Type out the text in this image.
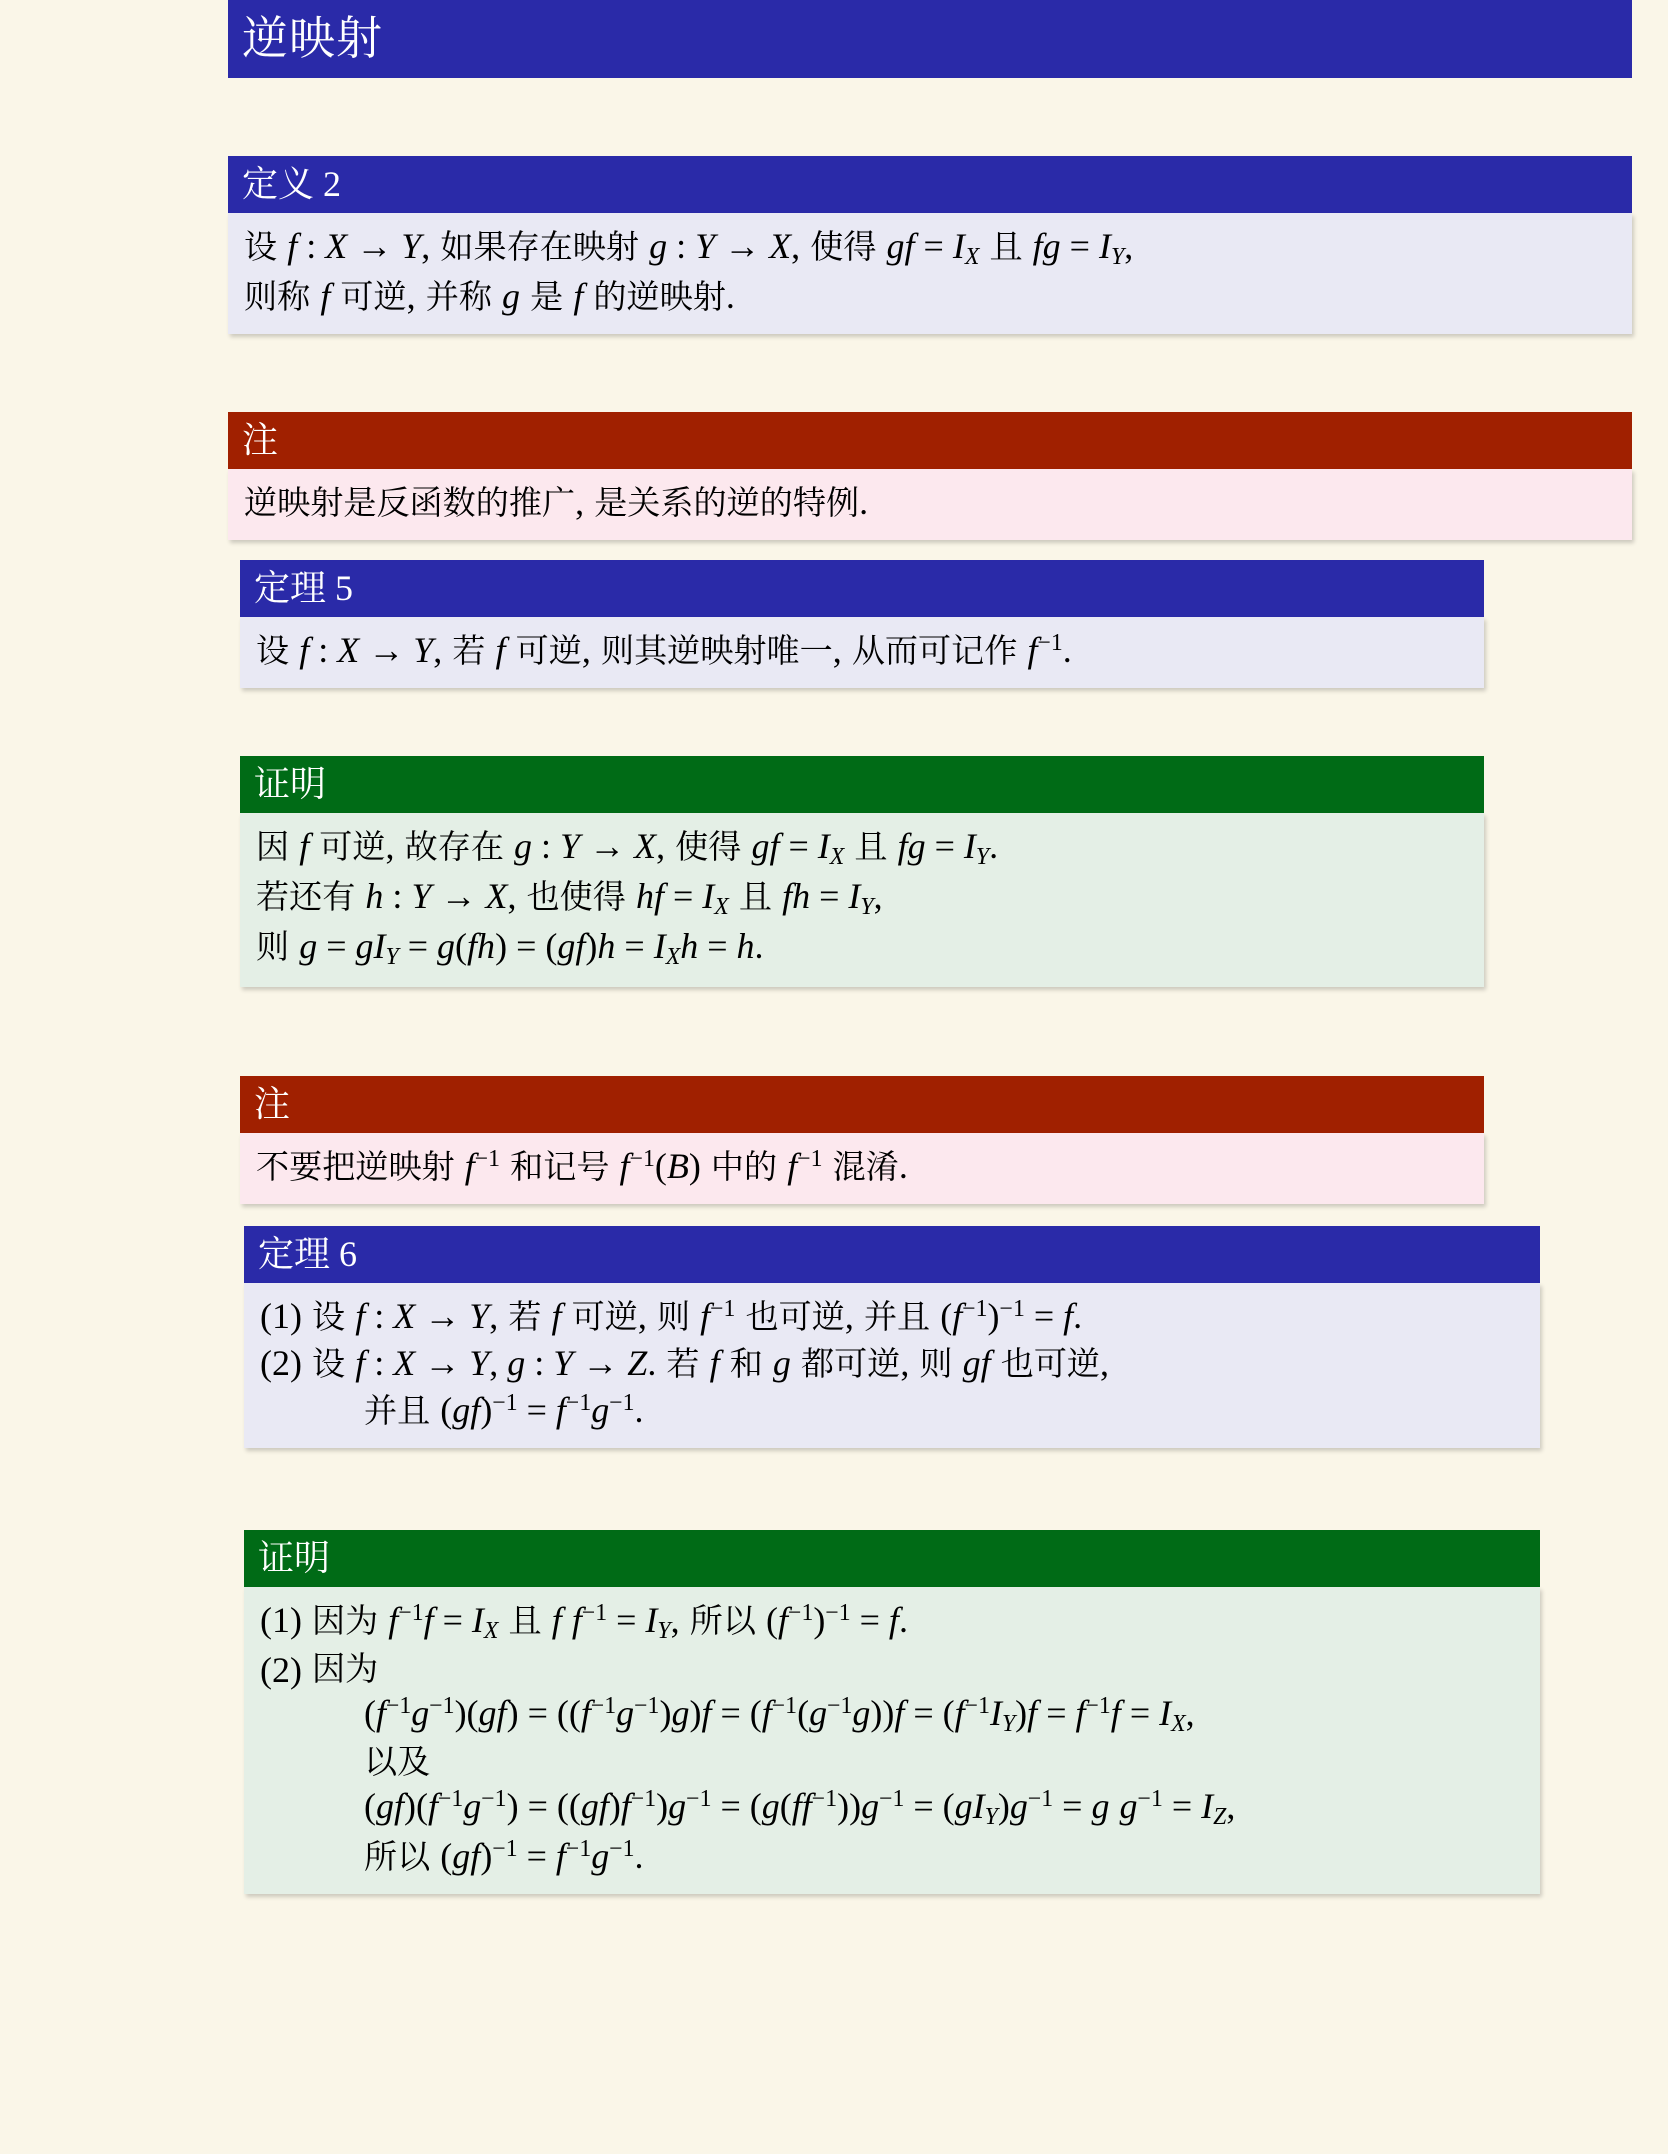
逆映射
定义 2
设 f : X → Y, 如果存在映射 g : Y → X, 使得 gf = $I_X$ 且 fg = $I_Y$,
则称 f 可逆, 并称 g 是 f 的逆映射.
注
逆映射是反函数的推广, 是关系的逆的特例.
定理 5
设 f : X → Y, 若 f 可逆, 则其逆映射唯一, 从而可记作 $f^{-1}$.
证明
因 f 可逆, 故存在 g : Y → X, 使得 gf = $I_X$ 且 fg = $I_Y$.
若还有 h : Y → X, 也使得 hf = $I_X$ 且 fh = $I_Y$,
则 $g = gI_Y = g(fh) = (gf)h = I_Xh = h$.
注
不要把逆映射 $f^{-1}$ 和记号 $f^{-1}(B)$ 中的 $f^{-1}$ 混淆.
定理 6
(1) 设 f : X → Y, 若 f 可逆, 则 $f^{-1}$ 也可逆, 并且 $(f^{-1})^{-1} = f$.
(2) 设 f : X → Y, g : Y → Z. 若 f 和 g 都可逆, 则 gf 也可逆,
并且 $(gf)^{-1} = f^{-1}g^{-1}$.
证明
(1) 因为 $f^{-1}f = I_X$ 且 f $f^{-1} = I_Y$, 所以 $(f^{-1})^{-1} = f$.
(2) 因为
$(f^{-1}g^{-1})(gf) = ((f^{-1}g^{-1})g)f = (f^{-1}(g^{-1}g))f = (f^{-1}I_Y)f = f^{-1}f = I_X$,
以及
$(gf)(f^{-1}g^{-1}) = ((gf)f^{-1})g^{-1} = (g(ff^{-1}))g^{-1} = (gI_Y)g^{-1} = g$ $g^{-1} = I_Z$,
所以 $(gf)^{-1} = f^{-1}g^{-1}$.
